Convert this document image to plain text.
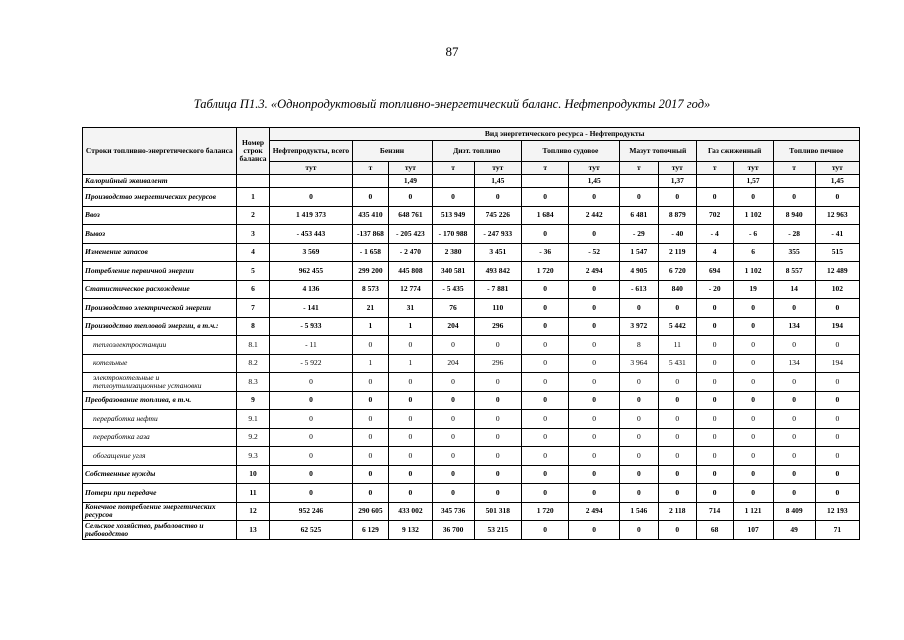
87
Таблица П1.3. «Однопродуктовый топливно-энергетический баланс. Нефтепродукты 2017 год»
Строки топливно-энергетического баланса	Номер строк баланса	Вид энергетического ресурса - Нефтепродукты												
		Нефтепродукты, всего	Бензин		Дизт. топливо		Топливо судовое		Мазут топочный		Газ сжиженный		Топливо печное	
		тут	т	тут	т	тут	т	тут	т	тут	т	тут	т	тут
Калорийный эквивалент				1,49		1,45		1,45		1,37		1,57		1,45
Производство энергетических ресурсов	1	0	0	0	0	0	0	0	0	0	0	0	0	0
Ввоз	2	1 419 373	435 410	648 761	513 949	745 226	1 684	2 442	6 481	8 879	702	1 102	8 940	12 963
Вывоз	3	- 453 443	-137 868	- 205 423	- 170 988	- 247 933	0	0	- 29	- 40	- 4	- 6	- 28	- 41
Изменение запасов	4	3 569	- 1 658	- 2 470	2 380	3 451	- 36	- 52	1 547	2 119	4	6	355	515
Потребление первичной энергии	5	962 455	299 200	445 808	340 581	493 842	1 720	2 494	4 905	6 720	694	1 102	8 557	12 489
Статистическое расхождение	6	4 136	8 573	12 774	- 5 435	- 7 881	0	0	- 613	840	- 20	19	14	102
Производство электрической энергии	7	- 141	21	31	76	110	0	0	0	0	0	0	0	0
Производство тепловой энергии, в т.ч.:	8	- 5 933	1	1	204	296	0	0	3 972	5 442	0	0	134	194
теплоэлектростанции	8.1	- 11	0	0	0	0	0	0	8	11	0	0	0	0
котельные	8.2	- 5 922	1	1	204	296	0	0	3 964	5 431	0	0	134	194
электрокотельные и теплоутилизационные установки	8.3	0	0	0	0	0	0	0	0	0	0	0	0	0
Преобразование топлива, в т.ч.	9	0	0	0	0	0	0	0	0	0	0	0	0	0
переработка нефти	9.1	0	0	0	0	0	0	0	0	0	0	0	0	0
переработка газа	9.2	0	0	0	0	0	0	0	0	0	0	0	0	0
обогащение угля	9.3	0	0	0	0	0	0	0	0	0	0	0	0	0
Собственные нужды	10	0	0	0	0	0	0	0	0	0	0	0	0	0
Потери при передаче	11	0	0	0	0	0	0	0	0	0	0	0	0	0
Конечное потребление энергетических ресурсов	12	952 246	290 605	433 002	345 736	501 318	1 720	2 494	1 546	2 118	714	1 121	8 409	12 193
Сельское хозяйство, рыболовство и рыбоводство	13	62 525	6 129	9 132	36 700	53 215	0	0	0	0	68	107	49	71
